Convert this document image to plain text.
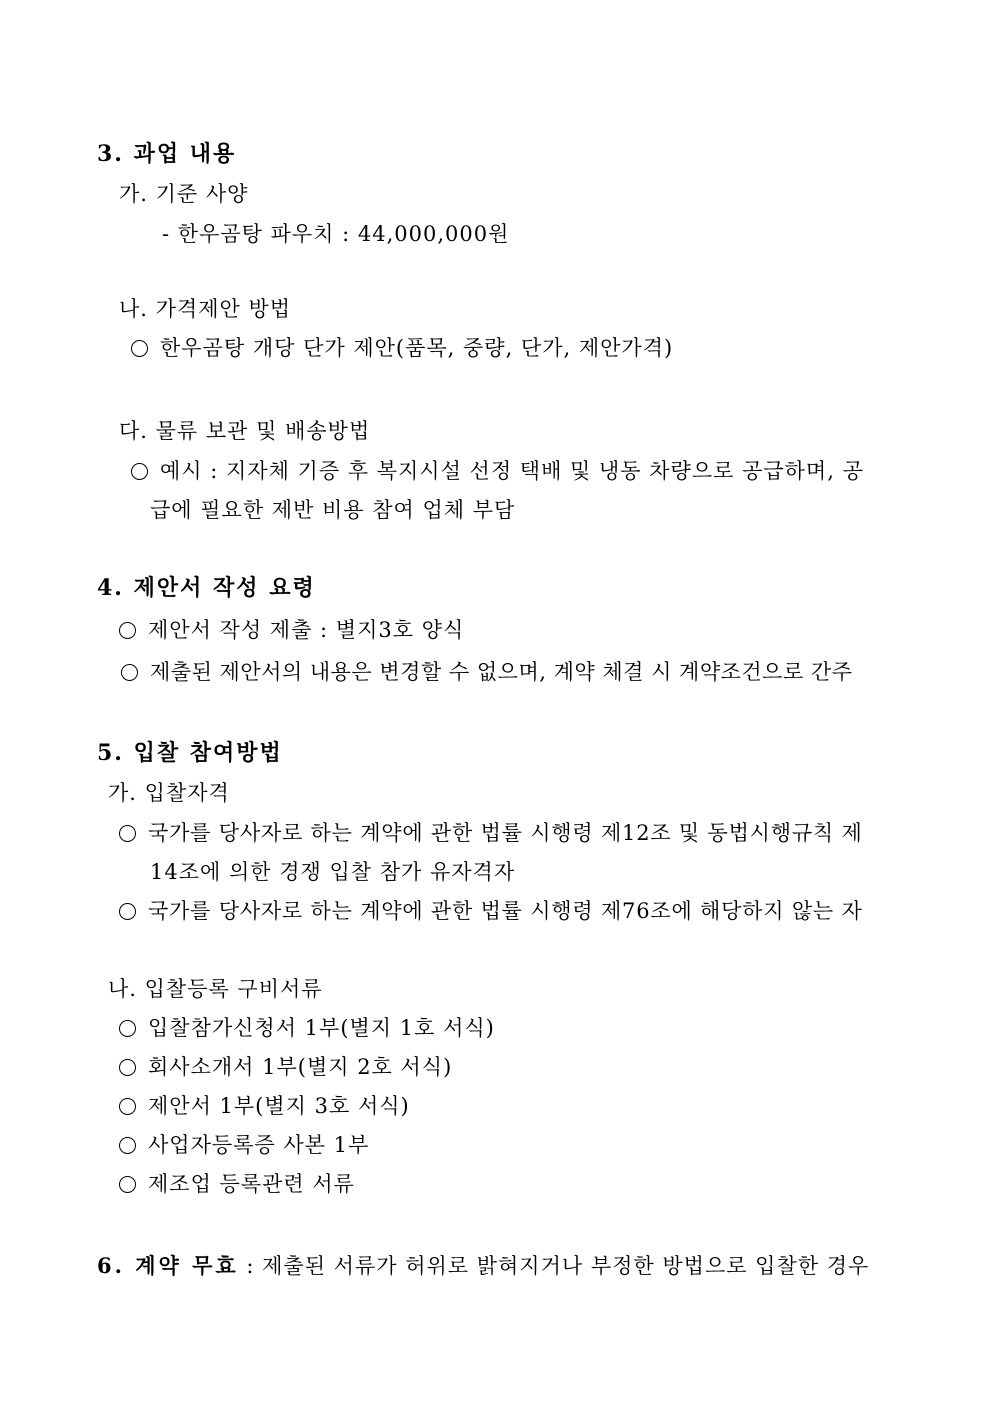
3. 과업 내용
가. 기준 사양
- 한우곰탕 파우치 : 44,000,000원
나. 가격제안 방법
한우곰탕 개당 단가 제안(품목, 중량, 단가, 제안가격)
다. 물류 보관 및 배송방법
예시 : 지자체 기증 후 복지시설 선정 택배 및 냉동 차량으로 공급하며, 공
급에 필요한 제반 비용 참여 업체 부담
4. 제안서 작성 요령
제안서 작성 제출 : 별지3호 양식
제출된 제안서의 내용은 변경할 수 없으며, 계약 체결 시 계약조건으로 간주
5. 입찰 참여방법
가. 입찰자격
국가를 당사자로 하는 계약에 관한 법률 시행령 제12조 및 동법시행규칙 제
14조에 의한 경쟁 입찰 참가 유자격자
국가를 당사자로 하는 계약에 관한 법률 시행령 제76조에 해당하지 않는 자
나. 입찰등록 구비서류
입찰참가신청서 1부(별지 1호 서식)
회사소개서 1부(별지 2호 서식)
제안서 1부(별지 3호 서식)
사업자등록증 사본 1부
제조업 등록관련 서류
6. 계약 무효 : 제출된 서류가 허위로 밝혀지거나 부정한 방법으로 입찰한 경우
